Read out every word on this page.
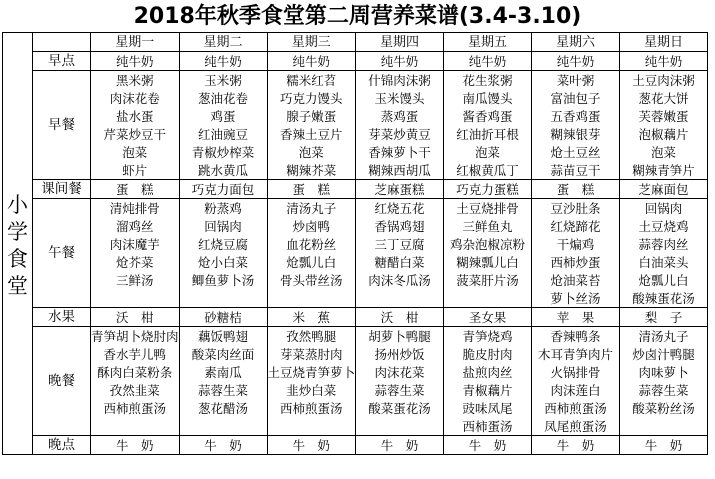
2018年秋季食堂第二周营养菜谱(3.4-3.10)
小
学
食
堂		星期一	星期二	星期三	星期四	星期五	星期六	星期日
	早点	纯牛奶	纯牛奶	纯牛奶	纯牛奶	纯牛奶	纯牛奶	纯牛奶
	早餐	黑米粥	玉米粥	糯米红苕	什锦肉沫粥	花生浆粥	菜叶粥	土豆肉沫粥
		肉沫花卷	葱油花卷	巧克力馒头	玉米馒头	南瓜馒头	富油包子	葱花大饼
		盐水蛋	鸡蛋	腺子嫩蛋	蒸鸡蛋	酱香鸡蛋	五香鸡蛋	芙蓉嫩蛋
		芹菜炒豆干	红油豌豆	香辣土豆片	芽菜炒黄豆	红油折耳根	糊辣银芽	泡椒藕片
		泡菜	青椒炒榨菜	泡菜	香辣萝卜干	泡菜	炝土豆丝	泡菜
		虾片	跳水黄瓜	糊辣芥菜	糊辣西胡瓜	红椒黄瓜丁	蒜苗豆干	糊辣青笋片
	课间餐	蛋　糕	巧克力面包	蛋　糕	芝麻蛋糕	巧克力蛋糕	蛋　糕	芝麻面包
	午餐	清炖排骨	粉蒸鸡	清汤丸子	红烧五花	土豆烧排骨	豆沙肚条	回锅肉
		溜鸡丝	回锅肉	炒卤鸭	香锅鸡翅	三鲜鱼丸	红烧蹄花	土豆烧鸡
		肉沫魔芋	红烧豆腐	血花粉丝	三丁豆腐	鸡杂泡椒凉粉	干煸鸡	蒜蓉肉丝
		炝芥菜	炝小白菜	炝瓢儿白	糖醋白菜	糊辣瓢儿白	西柿炒蛋	白油菜头
		三鲜汤	鲫鱼萝卜汤	骨头带丝汤	肉沫冬瓜汤	菠菜肝片汤	炝油菜苔	炝瓢儿白
							萝卜丝汤	酸辣蛋花汤
	水果	沃　柑	砂糖桔	米　蕉	沃　柑	圣女果	苹　果	梨　子
	晚餐	青笋胡卜烧肘肉	藕饭鸭翅	孜然鸭腿	胡萝卜鸭腿	青笋烧鸡	香辣鸭条	清汤丸子
		香水芋儿鸭	酸菜肉丝面	芽菜蒸肘肉	扬州炒饭	脆皮肘肉	木耳青笋肉片	炒卤汁鸭腿
		酥肉白菜粉条	素南瓜	土豆烧青笋萝卜	肉沫花菜	盐煎肉丝	火锅排骨	肉味萝卜
		孜然韭菜	蒜蓉生菜	韭炒白菜	蒜蓉生菜	青椒藕片	肉沫莲白	蒜蓉生菜
		西柿煎蛋汤	葱花醋汤	西柿煎蛋汤	酸菜蛋花汤	豉味凤尾	西柿煎蛋汤	酸菜粉丝汤
						西柿蛋汤	凤尾煎蛋汤	
	晚点	牛　奶	牛　奶	牛　奶	牛　奶	牛　奶	牛　奶	牛　奶
